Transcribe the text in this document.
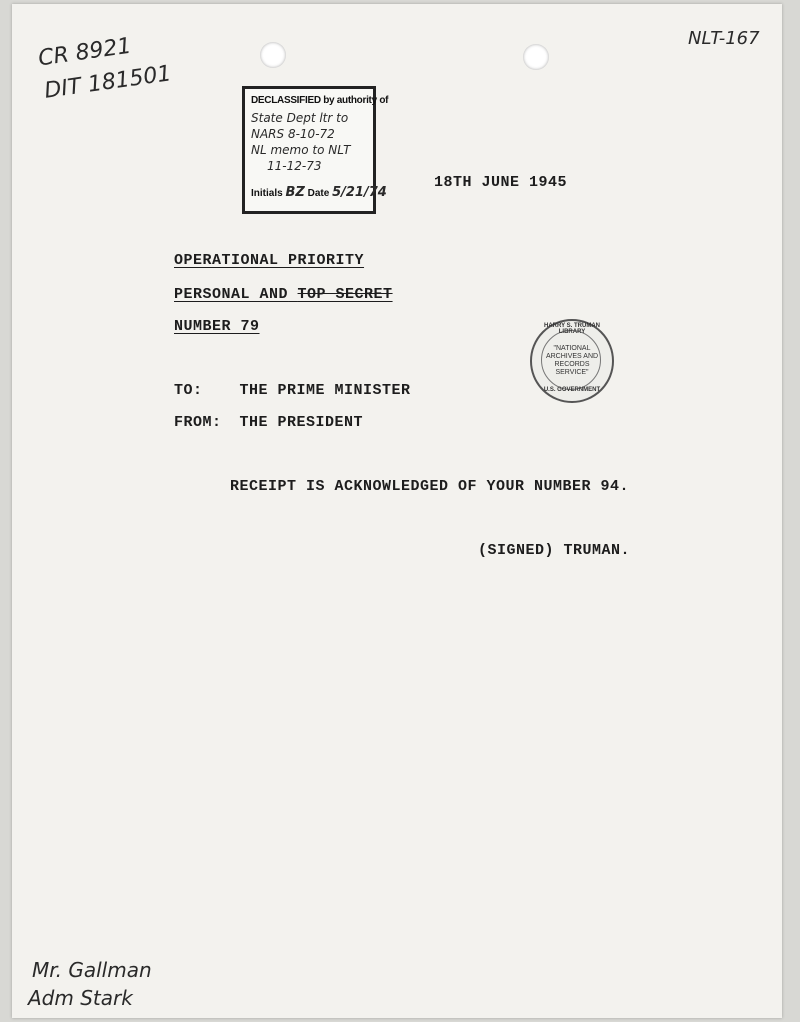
CR 8921
DIT 181501
NLT-167
Mr. Gallman
Adm Stark
DECLASSIFIED by authority of
State Dept ltr to
NARS 8-10-72
NL memo to NLT
11-12-73
Initials BZ Date 5/21/74
HARRY S. TRUMAN LIBRARY
"NATIONAL
ARCHIVES AND
RECORDS
SERVICE"
U.S. GOVERNMENT
18TH JUNE 1945
OPERATIONAL PRIORITY
PERSONAL AND TOP SECRET
NUMBER 79
TO: THE PRIME MINISTER
FROM: THE PRESIDENT
RECEIPT IS ACKNOWLEDGED OF YOUR NUMBER 94.
(SIGNED) TRUMAN.
